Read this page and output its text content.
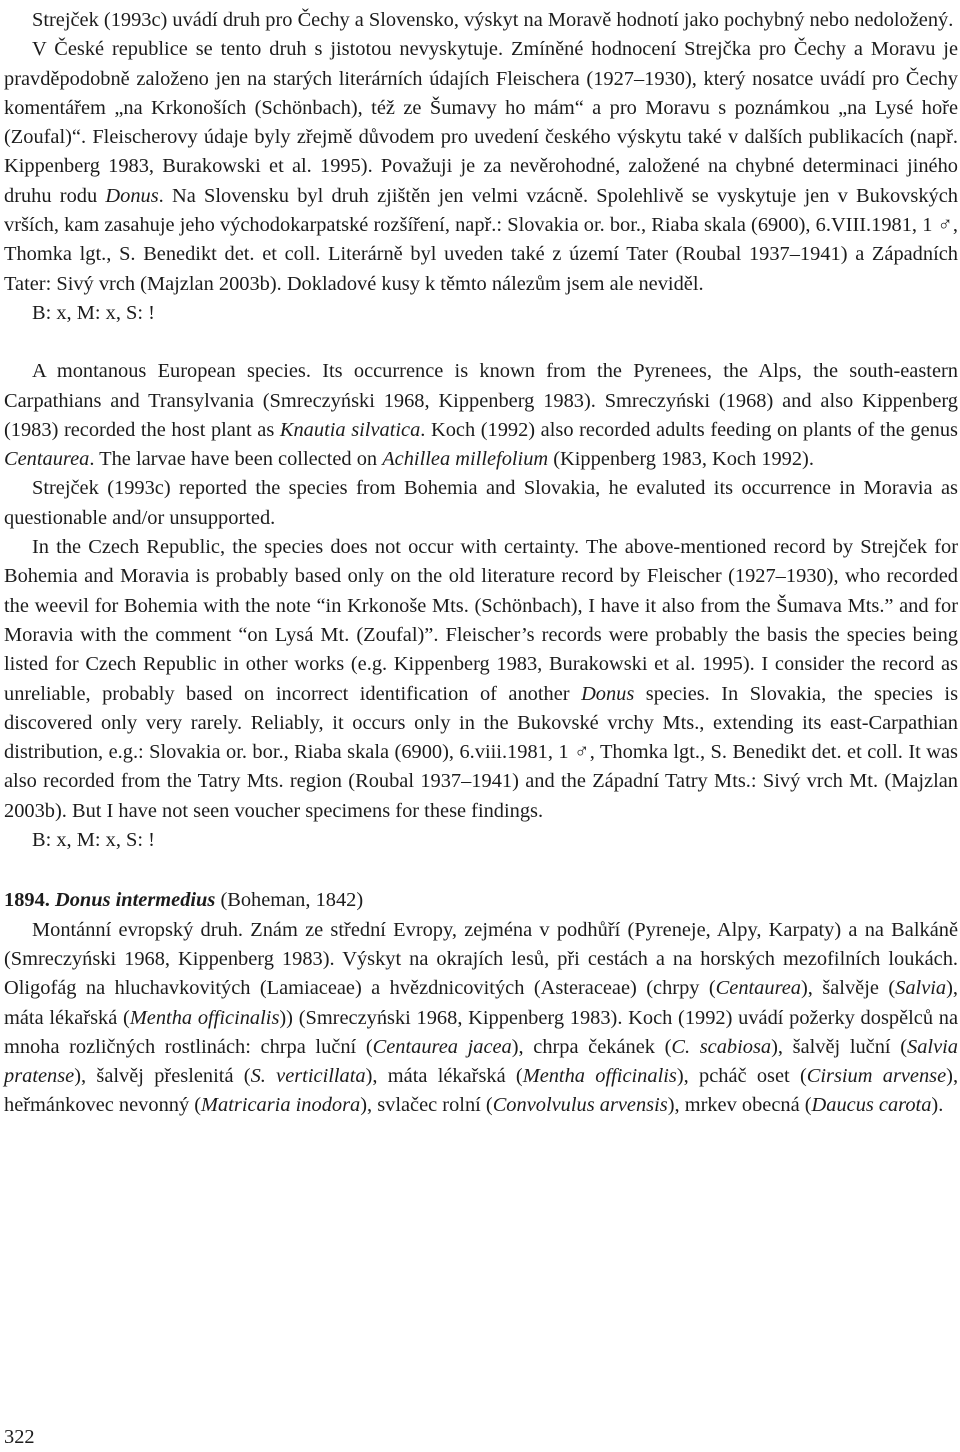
Strejček (1993c) uvádí druh pro Čechy a Slovensko, výskyt na Moravě hodnotí jako pochybný nebo nedoložený.

V České republice se tento druh s jistotou nevyskytuje. Zmíněné hodnocení Strejčka pro Čechy a Moravu je pravděpodobně založeno jen na starých literárních údajích Fleischera (1927–1930), který nosatce uvádí pro Čechy komentářem „na Krkonoších (Schönbach), též ze Šumavy ho mám“ a pro Moravu s poznámkou „na Lysé hoře (Zoufal)“. Fleischerovy údaje byly zřejmě důvodem pro uvedení českého výskytu také v dalších publikacích (např. Kippenberg 1983, Burakowski et al. 1995). Považuji je za nevěrohodné, založené na chybné determinaci jiného druhu rodu Donus. Na Slovensku byl druh zjištěn jen velmi vzácně. Spolehlivě se vyskytuje jen v Bukovských vrších, kam zasahuje jeho východokarpatské rozšíření, např.: Slovakia or. bor., Riaba skala (6900), 6.VIII.1981, 1 ♂, Thomka lgt., S. Benedikt det. et coll. Literárně byl uveden také z území Tater (Roubal 1937–1941) a Západních Tater: Sivý vrch (Majzlan 2003b). Dokladové kusy k těmto nálezům jsem ale neviděl.

B: x, M: x, S: !

A montanous European species. Its occurrence is known from the Pyrenees, the Alps, the south-eastern Carpathians and Transylvania (Smreczyński 1968, Kippenberg 1983). Smreczyński (1968) and also Kippenberg (1983) recorded the host plant as Knautia silvatica. Koch (1992) also recorded adults feeding on plants of the genus Centaurea. The larvae have been collected on Achillea millefolium (Kippenberg 1983, Koch 1992).

Strejček (1993c) reported the species from Bohemia and Slovakia, he evaluted its occurrence in Moravia as questionable and/or unsupported.

In the Czech Republic, the species does not occur with certainty. The above-mentioned record by Strejček for Bohemia and Moravia is probably based only on the old literature record by Fleischer (1927–1930), who recorded the weevil for Bohemia with the note “in Krkonoše Mts. (Schönbach), I have it also from the Šumava Mts.” and for Moravia with the comment “on Lysá Mt. (Zoufal)”. Fleischer’s records were probably the basis the species being listed for Czech Republic in other works (e.g. Kippenberg 1983, Burakowski et al. 1995). I consider the record as unreliable, probably based on incorrect identification of another Donus species. In Slovakia, the species is discovered only very rarely. Reliably, it occurs only in the Bukovské vrchy Mts., extending its east-Carpathian distribution, e.g.: Slovakia or. bor., Riaba skala (6900), 6.viii.1981, 1 ♂, Thomka lgt., S. Benedikt det. et coll. It was also recorded from the Tatry Mts. region (Roubal 1937–1941) and the Západní Tatry Mts.: Sivý vrch Mt. (Majzlan 2003b). But I have not seen voucher specimens for these findings.

B: x, M: x, S: !

1894. Donus intermedius (Boheman, 1842)

Montánní evropský druh. Znám ze střední Evropy, zejména v podhůří (Pyreneje, Alpy, Karpaty) a na Balkáně (Smreczyński 1968, Kippenberg 1983). Výskyt na okrajích lesů, při cestách a na horských mezofilních loukách. Oligofág na hluchavkovitých (Lamiaceae) a hvězdnicovitých (Asteraceae) (chrpy (Centaurea), šalvěje (Salvia), máta lékařská (Mentha officinalis)) (Smreczyński 1968, Kippenberg 1983). Koch (1992) uvádí požerky dospělců na mnoha rozličných rostlinách: chrpa luční (Centaurea jacea), chrpa čekánek (C. scabiosa), šalvěj luční (Salvia pratense), šalvěj přeslenitá (S. verticillata), máta lékařská (Mentha officinalis), pcháč oset (Cirsium arvense), heřmánkovec nevonný (Matricaria inodora), svlačec rolní (Convolvulus arvensis), mrkev obecná (Daucus carota).

322
